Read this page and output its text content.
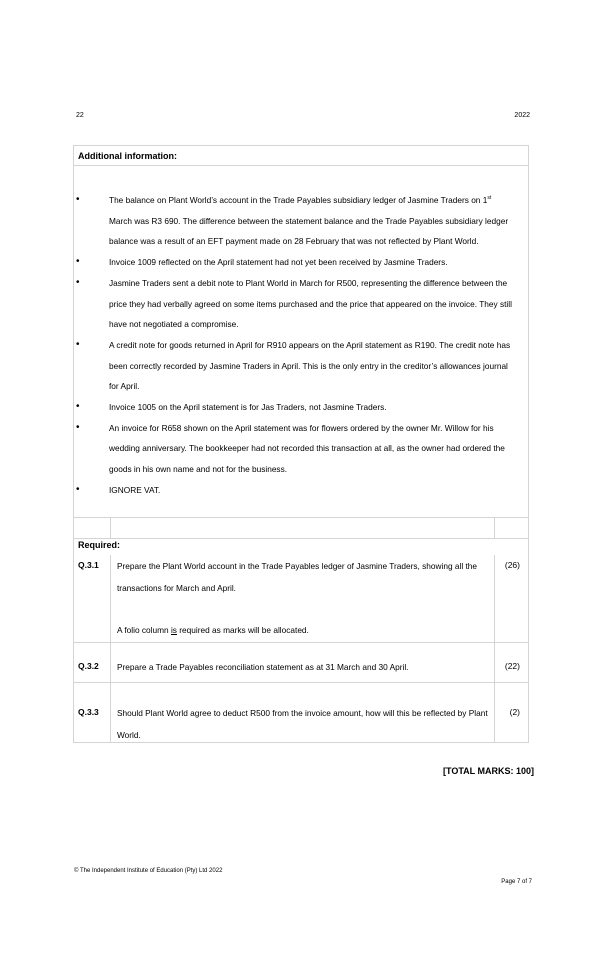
22	2022
Additional information:
• The balance on Plant World’s account in the Trade Payables subsidiary ledger of Jasmine Traders on 1st March was R3 690. The difference between the statement balance and the Trade Payables subsidiary ledger balance was a result of an EFT payment made on 28 February that was not reflected by Plant World.
• Invoice 1009 reflected on the April statement had not yet been received by Jasmine Traders.
• Jasmine Traders sent a debit note to Plant World in March for R500, representing the difference between the price they had verbally agreed on some items purchased and the price that appeared on the invoice. They still have not negotiated a compromise.
• A credit note for goods returned in April for R910 appears on the April statement as R190. The credit note has been correctly recorded by Jasmine Traders in April. This is the only entry in the creditor’s allowances journal for April.
• Invoice 1005 on the April statement is for Jas Traders, not Jasmine Traders.
• An invoice for R658 shown on the April statement was for flowers ordered by the owner Mr. Willow for his wedding anniversary. The bookkeeper had not recorded this transaction at all, as the owner had ordered the goods in his own name and not for the business.
• IGNORE VAT.
Required:
Q.3.1 Prepare the Plant World account in the Trade Payables ledger of Jasmine Traders, showing all the transactions for March and April.
A folio column is required as marks will be allocated.
(26)
Q.3.2 Prepare a Trade Payables reconciliation statement as at 31 March and 30 April.	(22)
Q.3.3 Should Plant World agree to deduct R500 from the invoice amount, how will this be reflected by Plant World.
(2)
[TOTAL MARKS: 100]
© The Independent Institute of Education (Pty) Ltd 2022
Page 7 of 7
